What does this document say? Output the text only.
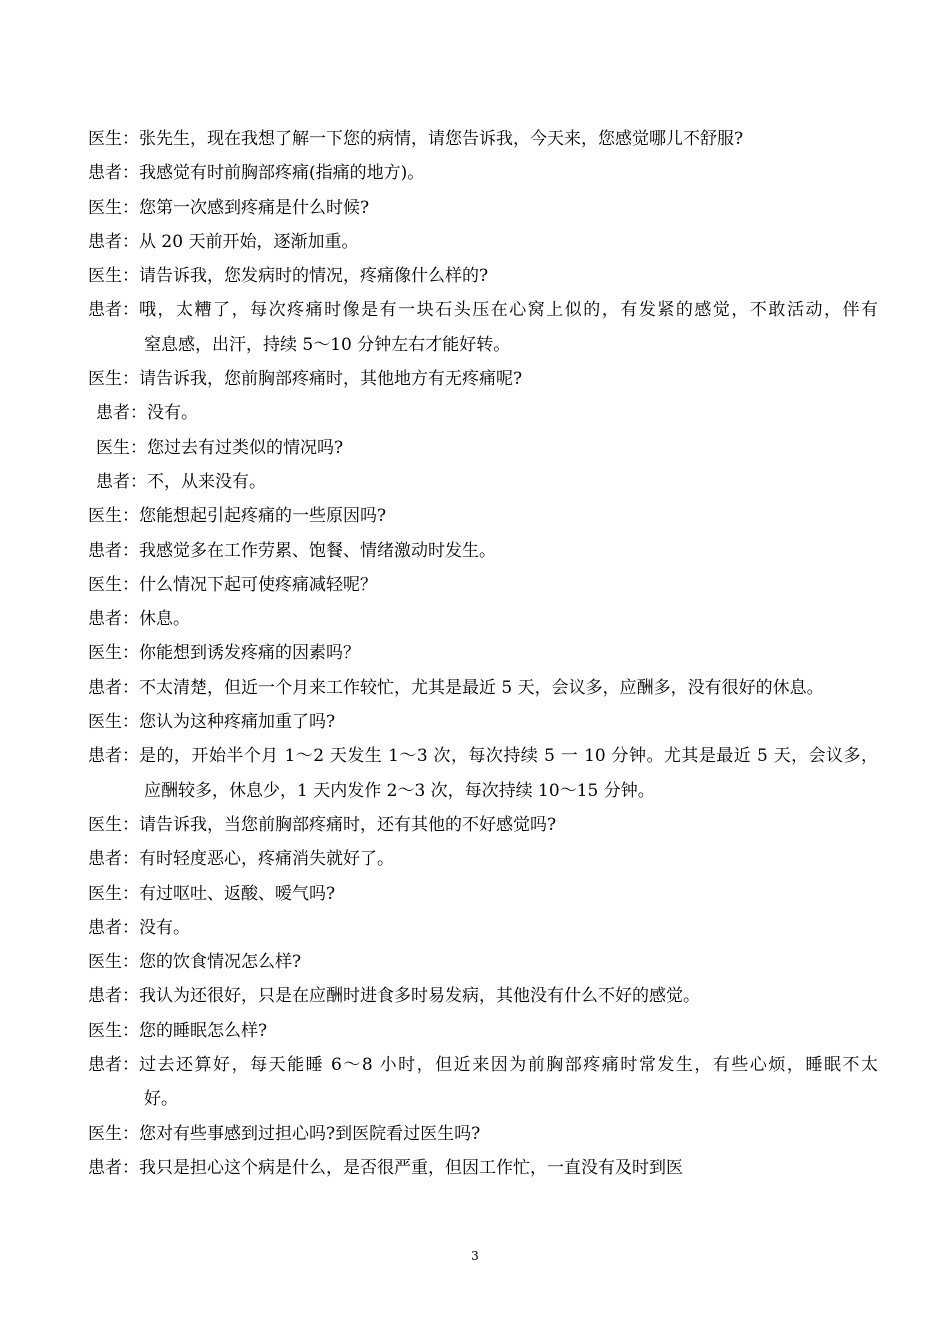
医生： 张先生，现在我想了解一下您的病情，请您告诉我，今天来，您感觉哪儿不舒服?
患者： 我感觉有时前胸部疼痛(指痛的地方)。
医生： 您第一次感到疼痛是什么时候?
患者： 从 20 天前开始，逐渐加重。
医生： 请告诉我，您发病时的情况，疼痛像什么样的?
患者： 哦，太糟了，每次疼痛时像是有一块石头压在心窝上似的，有发紧的感觉，不敢活动，伴有
窒息感，出汗，持续 5～10 分钟左右才能好转。
医生： 请告诉我，您前胸部疼痛时，其他地方有无疼痛呢?
患者： 没有。
医生： 您过去有过类似的情况吗?
患者： 不，从来没有。
医生： 您能想起引起疼痛的一些原因吗?
患者： 我感觉多在工作劳累、饱餐、情绪激动时发生。
医生： 什么情况下起可使疼痛减轻呢？
患者： 休息。
医生： 你能想到诱发疼痛的因素吗？
患者： 不太清楚，但近一个月来工作较忙，尤其是最近 5 天，会议多，应酬多，没有很好的休息。
医生： 您认为这种疼痛加重了吗?
患者： 是的，开始半个月 1～2 天发生 1～3 次，每次持续 5 一 10 分钟。尤其是最近 5 天，会议多，
应酬较多，休息少，1 天内发作 2～3 次，每次持续 10～15 分钟。
医生： 请告诉我，当您前胸部疼痛时，还有其他的不好感觉吗?
患者： 有时轻度恶心，疼痛消失就好了。
医生： 有过呕吐、返酸、嗳气吗?
患者： 没有。
医生： 您的饮食情况怎么样?
患者： 我认为还很好，只是在应酬时进食多时易发病，其他没有什么不好的感觉。
医生： 您的睡眠怎么样?
患者： 过去还算好，每天能睡 6～8 小时，但近来因为前胸部疼痛时常发生，有些心烦，睡眠不太
好。
医生： 您对有些事感到过担心吗?到医院看过医生吗?
患者： 我只是担心这个病是什么，是否很严重，但因工作忙，一直没有及时到医
3
